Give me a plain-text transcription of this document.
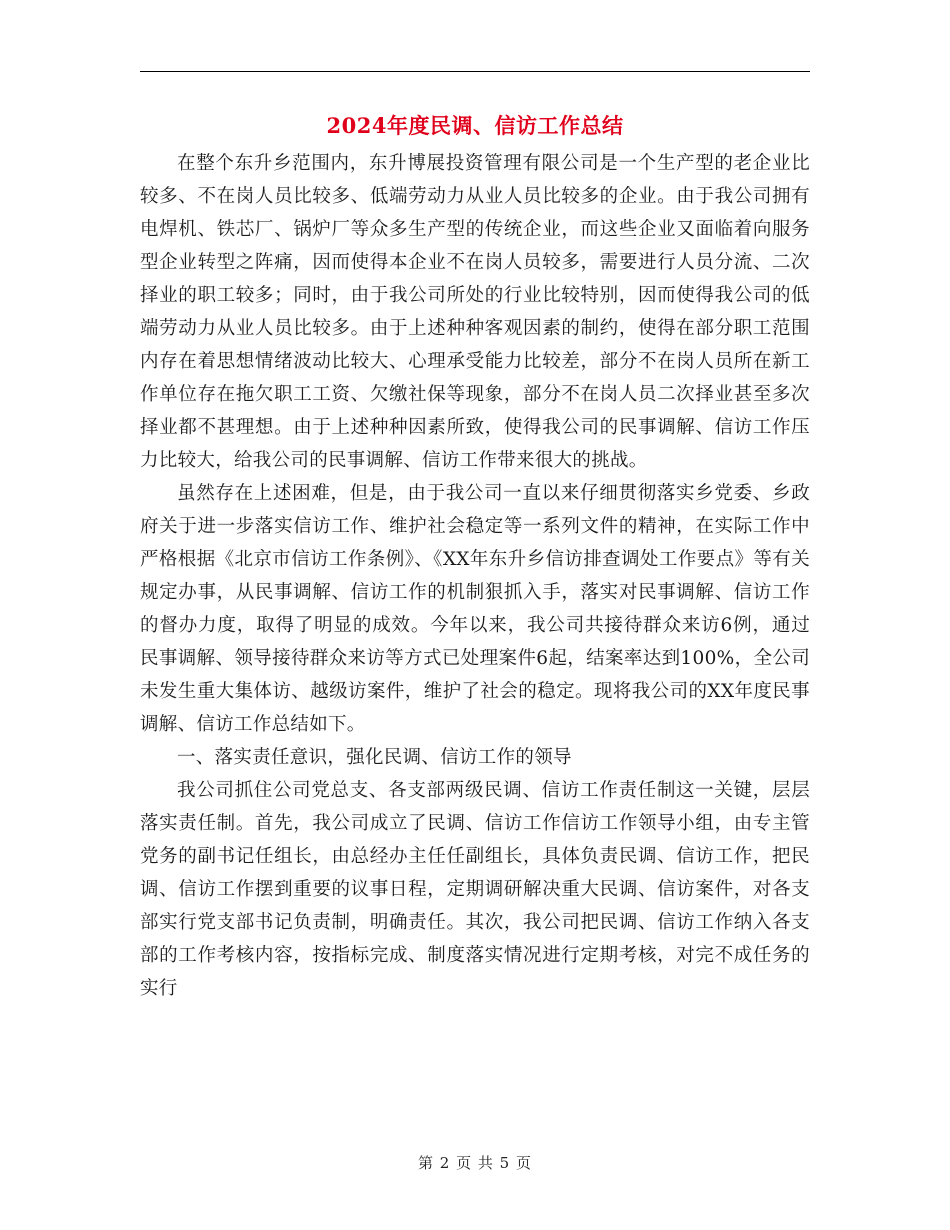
2024年度民调、信访工作总结

在整个东升乡范围内，东升博展投资管理有限公司是一个生产型的老企业比较多、不在岗人员比较多、低端劳动力从业人员比较多的企业。由于我公司拥有电焊机、铁芯厂、锅炉厂等众多生产型的传统企业，而这些企业又面临着向服务型企业转型之阵痛，因而使得本企业不在岗人员较多，需要进行人员分流、二次择业的职工较多；同时，由于我公司所处的行业比较特别，因而使得我公司的低端劳动力从业人员比较多。由于上述种种客观因素的制约，使得在部分职工范围内存在着思想情绪波动比较大、心理承受能力比较差，部分不在岗人员所在新工作单位存在拖欠职工工资、欠缴社保等现象，部分不在岗人员二次择业甚至多次择业都不甚理想。由于上述种种因素所致，使得我公司的民事调解、信访工作压力比较大，给我公司的民事调解、信访工作带来很大的挑战。

虽然存在上述困难，但是，由于我公司一直以来仔细贯彻落实乡党委、乡政府关于进一步落实信访工作、维护社会稳定等一系列文件的精神，在实际工作中严格根据《北京市信访工作条例》、《XX年东升乡信访排查调处工作要点》等有关规定办事，从民事调解、信访工作的机制狠抓入手，落实对民事调解、信访工作的督办力度，取得了明显的成效。今年以来，我公司共接待群众来访6例，通过民事调解、领导接待群众来访等方式已处理案件6起，结案率达到100%，全公司未发生重大集体访、越级访案件，维护了社会的稳定。现将我公司的XX年度民事调解、信访工作总结如下。

一、落实责任意识，强化民调、信访工作的领导

我公司抓住公司党总支、各支部两级民调、信访工作责任制这一关键，层层落实责任制。首先，我公司成立了民调、信访工作信访工作领导小组，由专主管党务的副书记任组长，由总经办主任任副组长，具体负责民调、信访工作，把民调、信访工作摆到重要的议事日程，定期调研解决重大民调、信访案件，对各支部实行党支部书记负责制，明确责任。其次，我公司把民调、信访工作纳入各支部的工作考核内容，按指标完成、制度落实情况进行定期考核，对完不成任务的实行

第 2 页 共 5 页
